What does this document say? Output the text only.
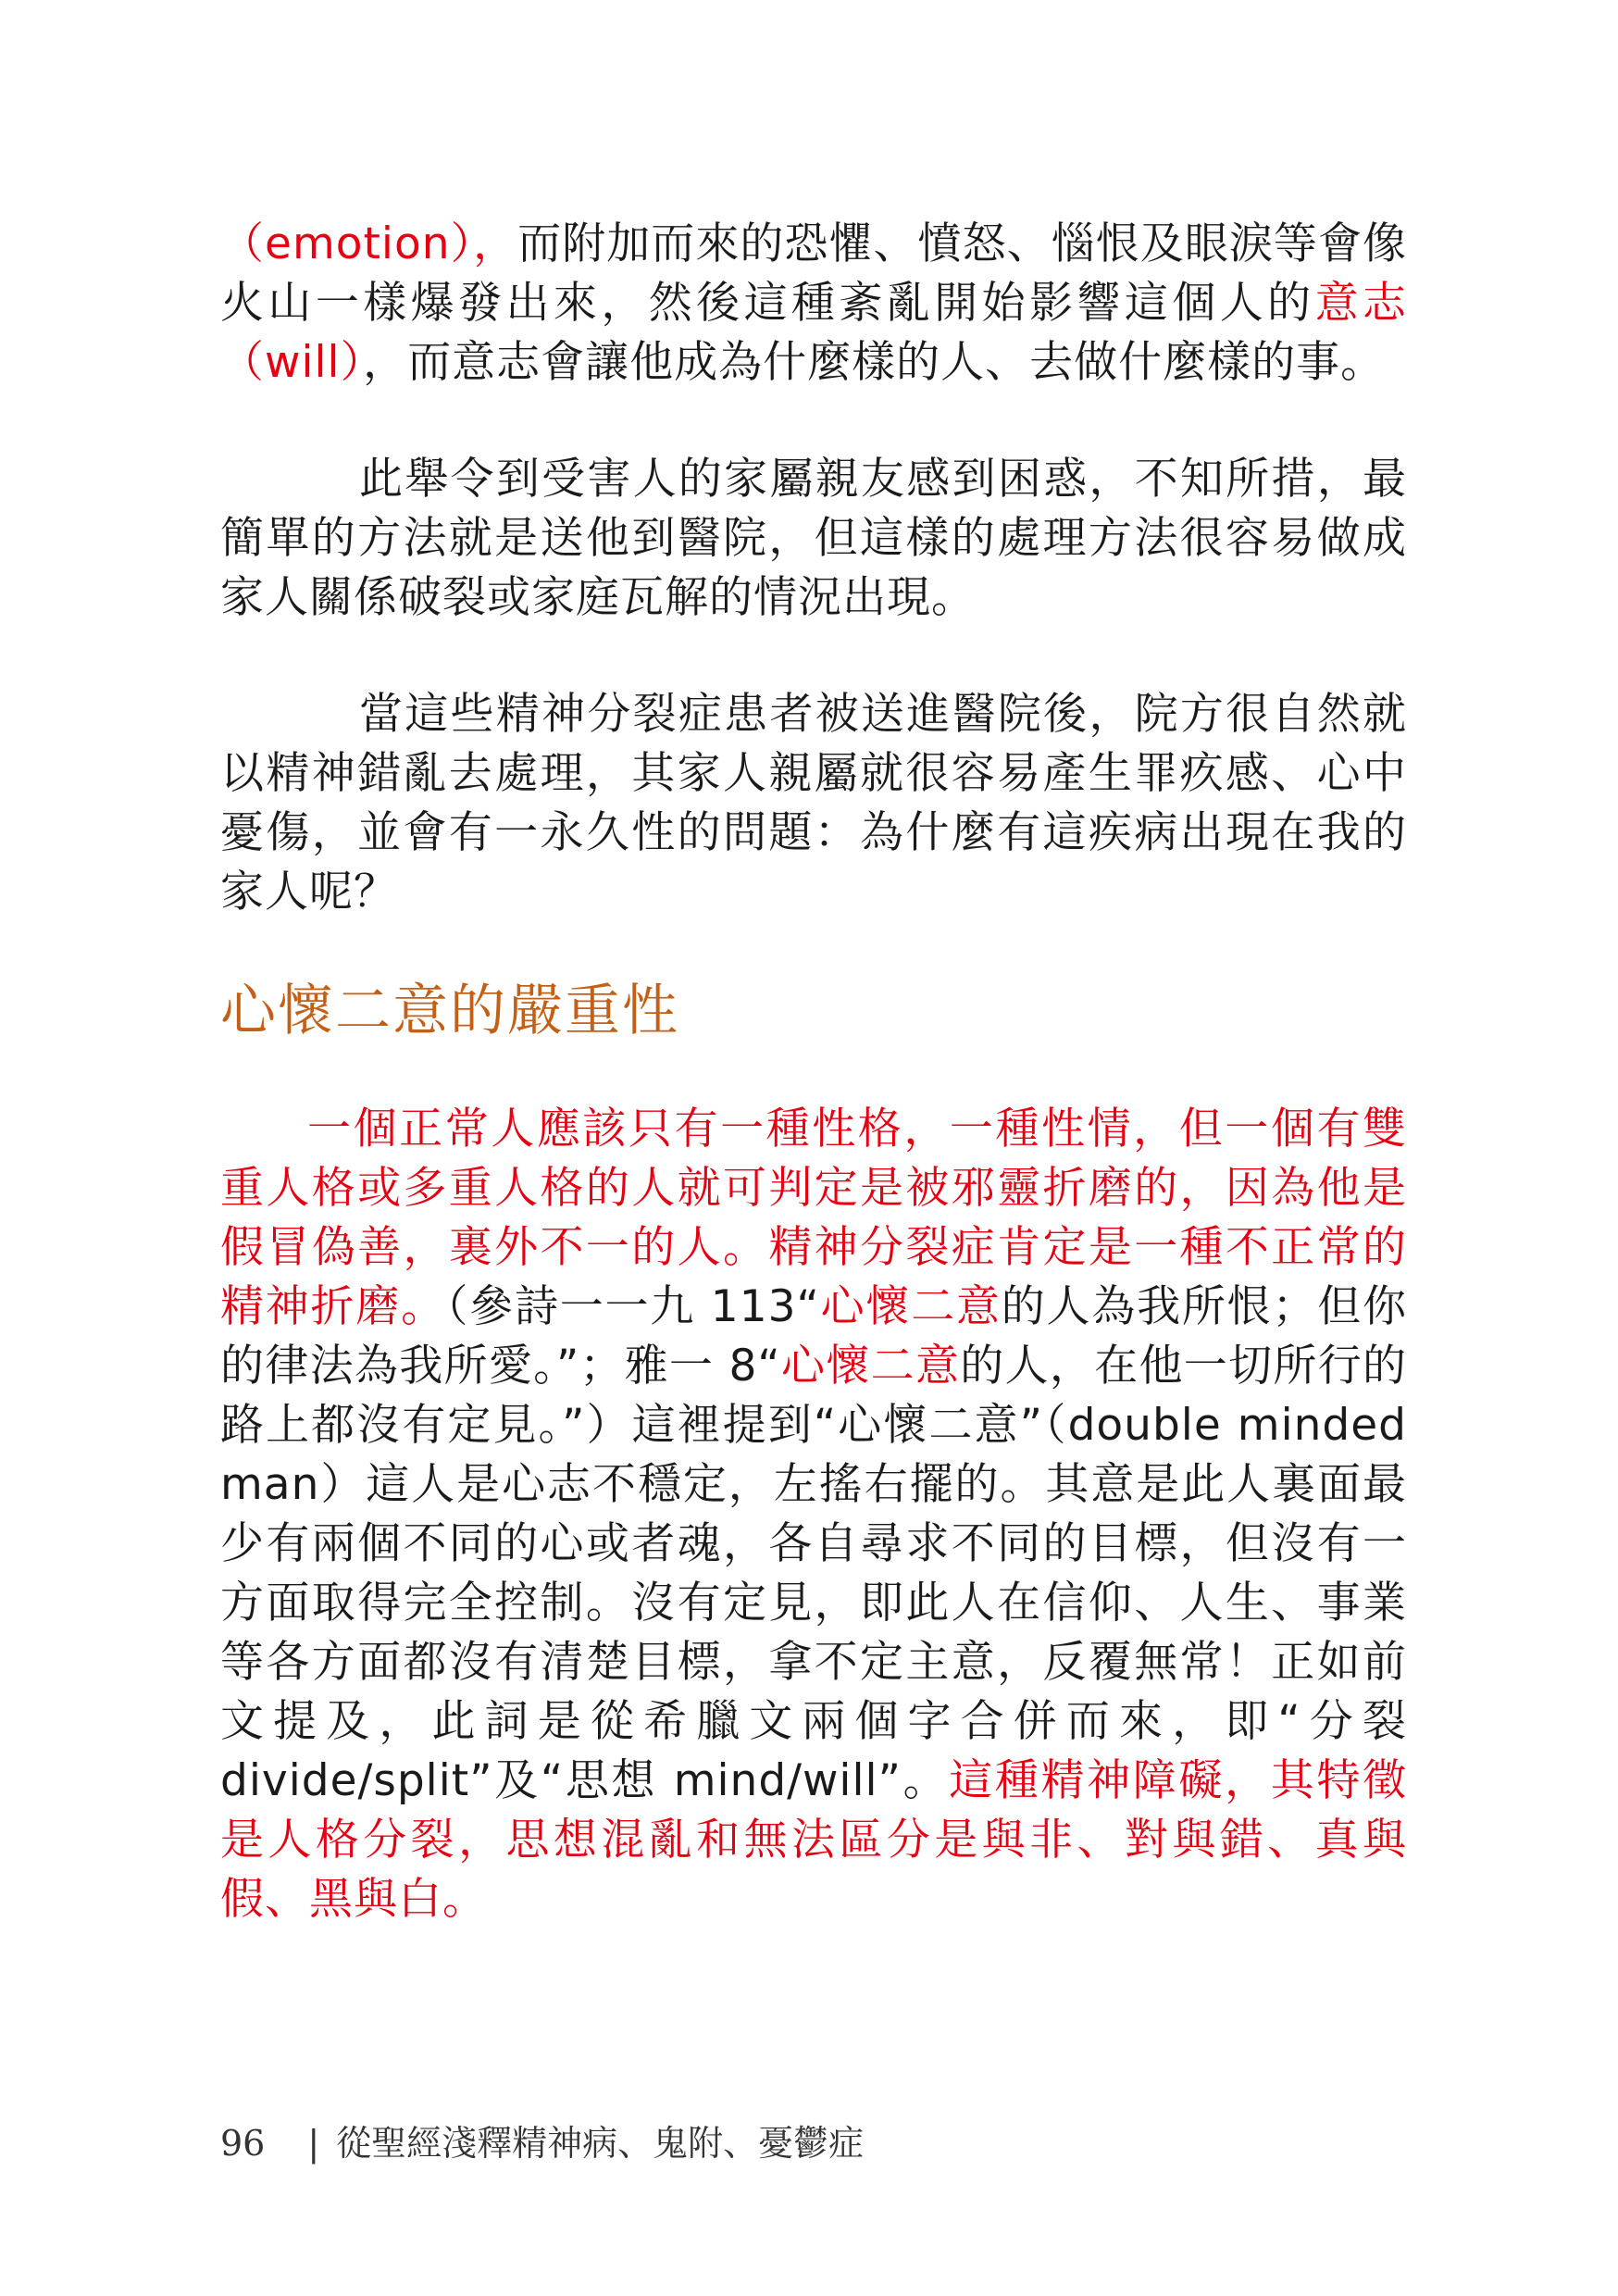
（emotion），而附加而來的恐懼、憤怒、惱恨及眼淚等會像火山一樣爆發出來，然後這種紊亂開始影響這個人的意志（will），而意志會讓他成為什麼樣的人、去做什麼樣的事。

此舉令到受害人的家屬親友感到困惑，不知所措，最簡單的方法就是送他到醫院，但這樣的處理方法很容易做成家人關係破裂或家庭瓦解的情況出現。

當這些精神分裂症患者被送進醫院後，院方很自然就以精神錯亂去處理，其家人親屬就很容易產生罪疚感、心中憂傷，並會有一永久性的問題：為什麼有這疾病出現在我的家人呢？

心懷二意的嚴重性

一個正常人應該只有一種性格，一種性情，但一個有雙重人格或多重人格的人就可判定是被邪靈折磨的，因為他是假冒偽善，裏外不一的人。精神分裂症肯定是一種不正常的精神折磨。（參詩一一九 113“心懷二意的人為我所恨；但你的律法為我所愛。”；雅一 8“心懷二意的人，在他一切所行的路上都沒有定見。”）這裡提到“心懷二意”（double minded man）這人是心志不穩定，左搖右擺的。其意是此人裏面最少有兩個不同的心或者魂，各自尋求不同的目標，但沒有一方面取得完全控制。沒有定見，即此人在信仰、人生、事業等各方面都沒有清楚目標，拿不定主意，反覆無常！正如前文提及，此詞是從希臘文兩個字合併而來，即“分裂 divide/split”及“思想 mind/will”。這種精神障礙，其特徵是人格分裂，思想混亂和無法區分是與非、對與錯、真與假、黑與白。

96 | 從聖經淺釋精神病、鬼附、憂鬱症
